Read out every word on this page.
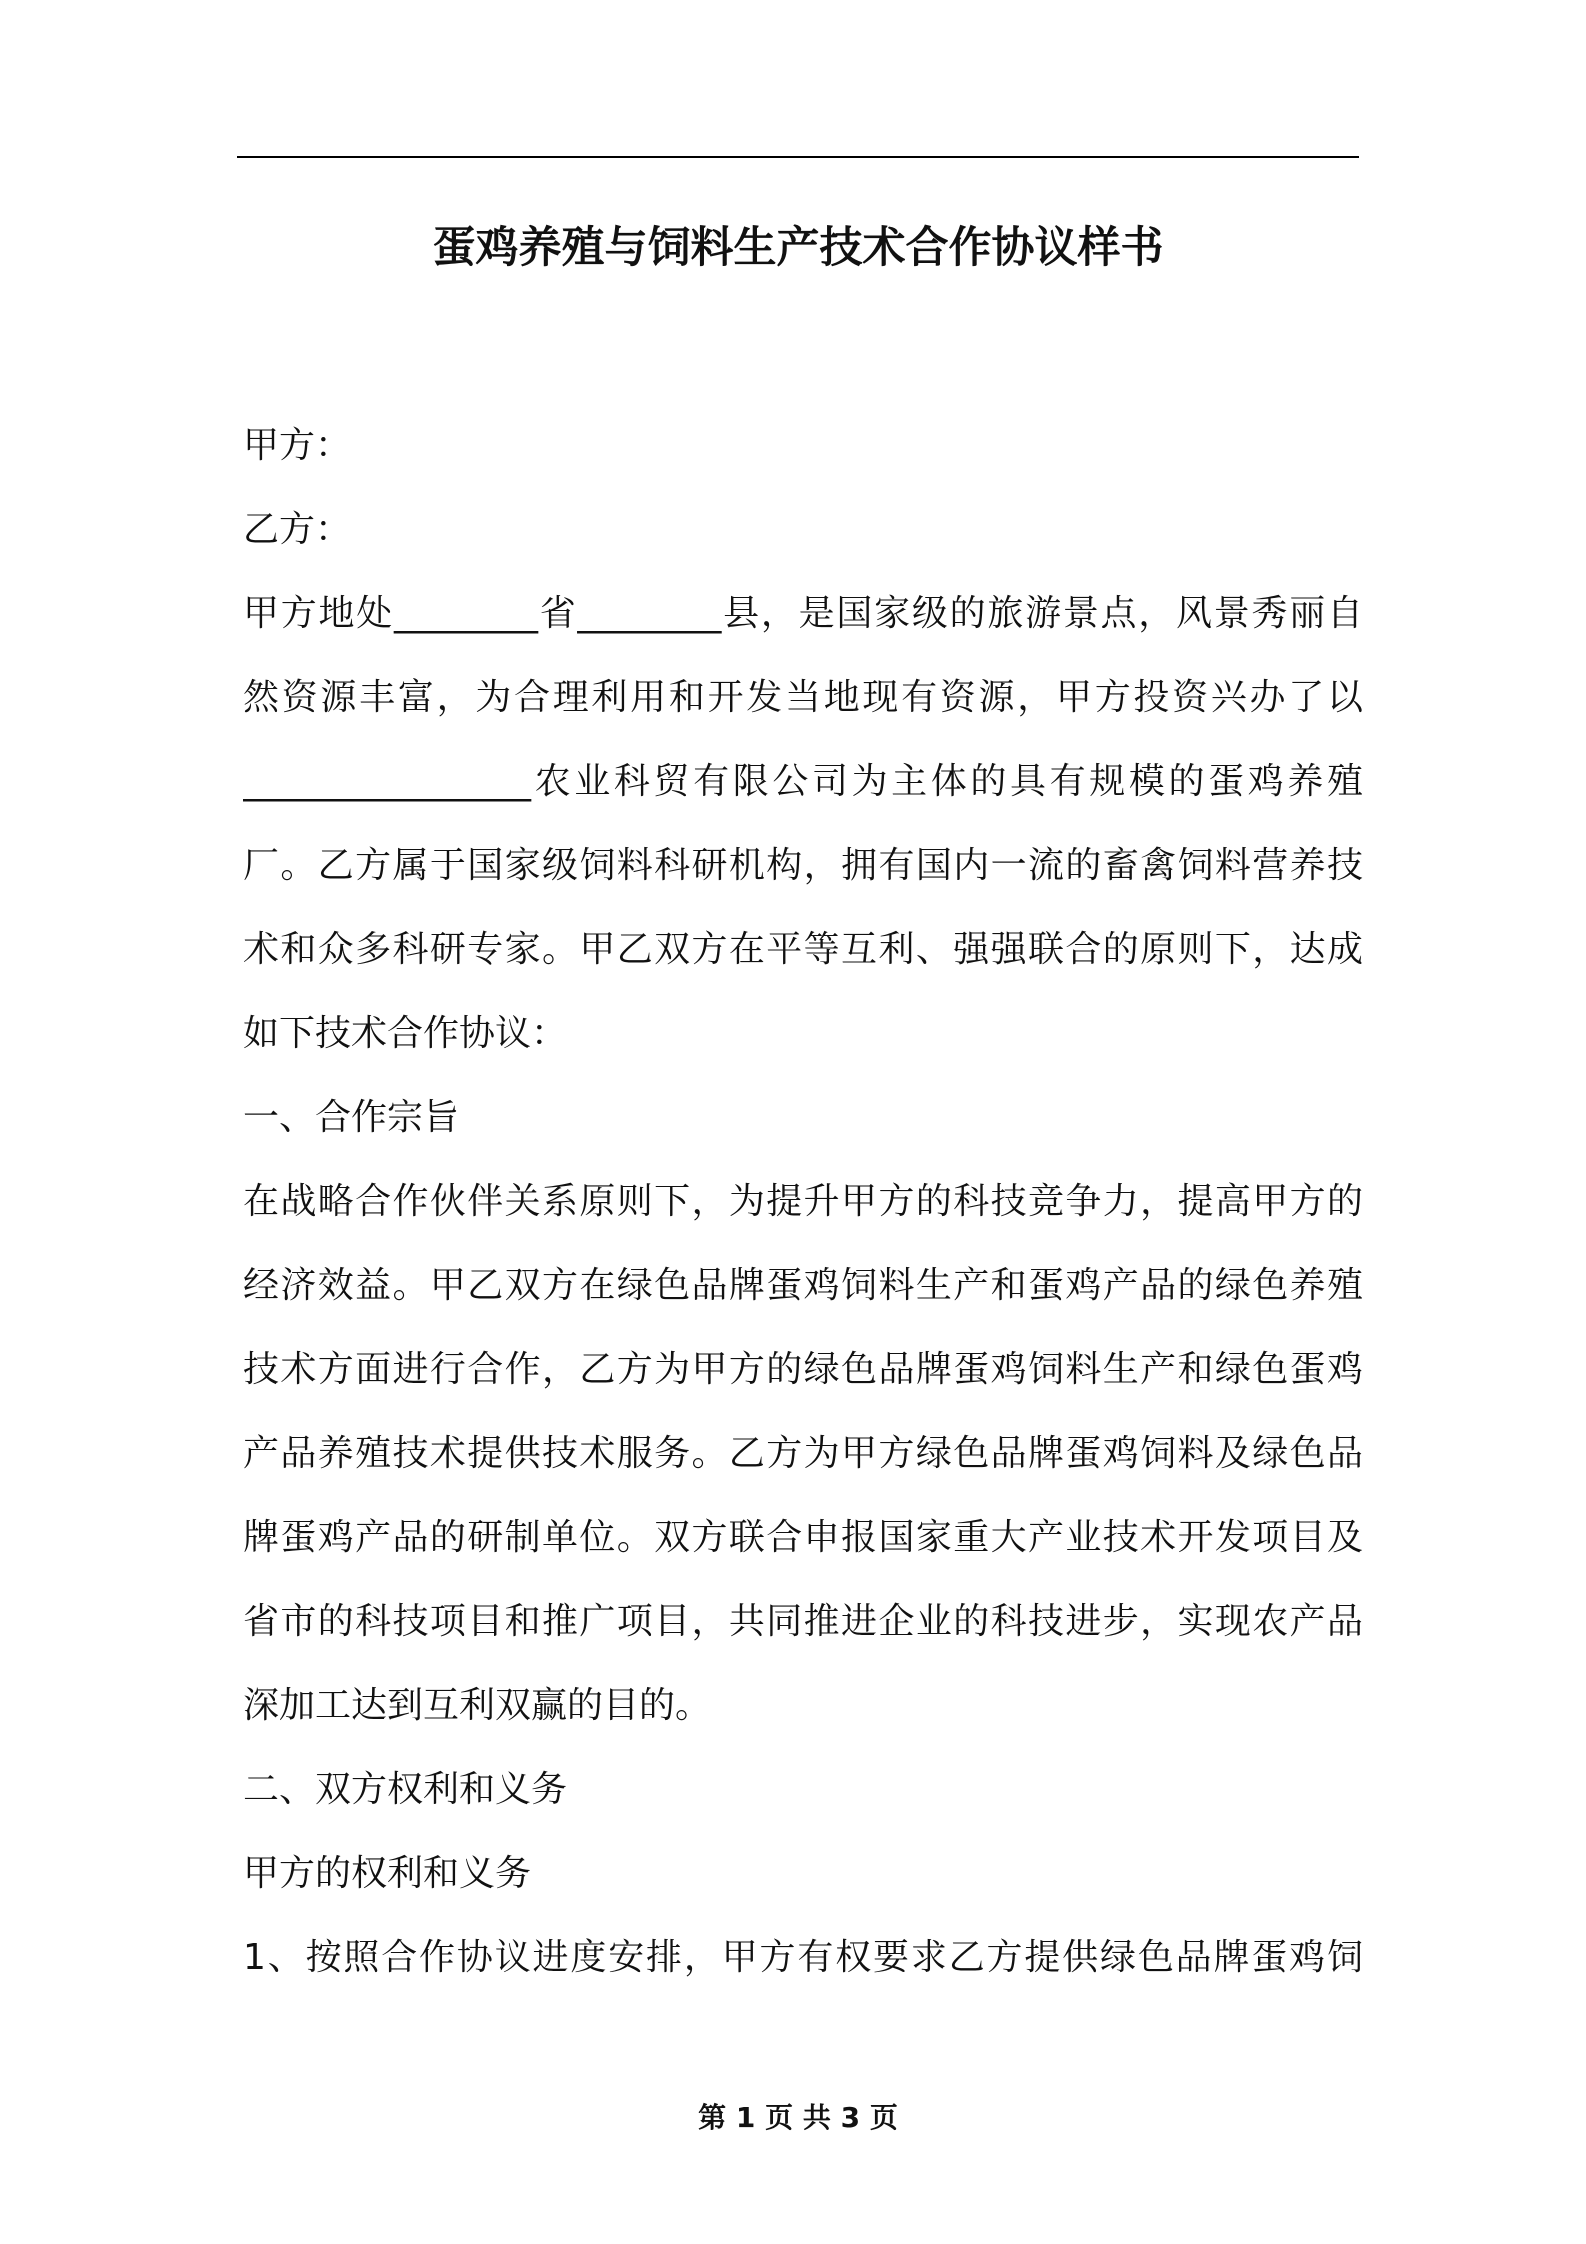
蛋鸡养殖与饲料生产技术合作协议样书
甲方：
乙方：
甲方地处________省________县，是国家级的旅游景点，风景秀丽自
然资源丰富，为合理利用和开发当地现有资源，甲方投资兴办了以
________________农业科贸有限公司为主体的具有规模的蛋鸡养殖
厂。乙方属于国家级饲料科研机构，拥有国内一流的畜禽饲料营养技
术和众多科研专家。甲乙双方在平等互利、强强联合的原则下，达成
如下技术合作协议：
一、合作宗旨
在战略合作伙伴关系原则下，为提升甲方的科技竞争力，提高甲方的
经济效益。甲乙双方在绿色品牌蛋鸡饲料生产和蛋鸡产品的绿色养殖
技术方面进行合作，乙方为甲方的绿色品牌蛋鸡饲料生产和绿色蛋鸡
产品养殖技术提供技术服务。乙方为甲方绿色品牌蛋鸡饲料及绿色品
牌蛋鸡产品的研制单位。双方联合申报国家重大产业技术开发项目及
省市的科技项目和推广项目，共同推进企业的科技进步，实现农产品
深加工达到互利双赢的目的。
二、双方权利和义务
甲方的权利和义务
1、按照合作协议进度安排，甲方有权要求乙方提供绿色品牌蛋鸡饲
第 1 页 共 3 页
